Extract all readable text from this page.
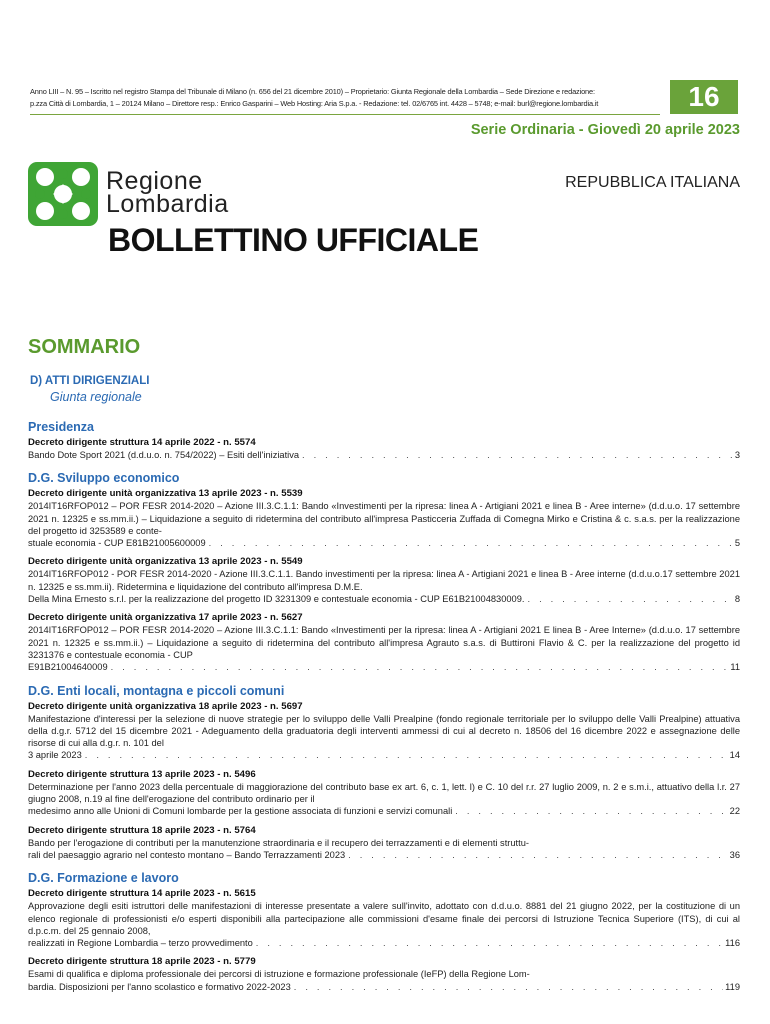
Anno LIII – N. 95 – Iscritto nel registro Stampa del Tribunale di Milano (n. 656 del 21 dicembre 2010) – Proprietario: Giunta Regionale della Lombardia – Sede Direzione e redazione:
p.zza Città di Lombardia, 1 – 20124 Milano – Direttore resp.: Enrico Gasparini – Web Hosting: Aria S.p.a. - Redazione: tel. 02/6765 int. 4428 – 5748; e-mail: burl@regione.lombardia.it	16
Serie Ordinaria - Giovedì 20 aprile 2023
Regione
Lombardia
REPUBBLICA ITALIANA
BOLLETTINO UFFICIALE
SOMMARIO
D) ATTI DIRIGENZIALI
Giunta regionale
Presidenza
Decreto dirigente struttura 14 aprile 2022 - n. 5574
Bando Dote Sport 2021 (d.d.u.o. n. 754/2022) – Esiti dell'iniziativa . . .	3
D.G. Sviluppo economico
Decreto dirigente unità organizzativa 13 aprile 2023 - n. 5539
2014IT16RFOP012 – POR FESR 2014-2020 – Azione III.3.C.1.1: Bando «Investimenti per la ripresa: linea A - Artigiani 2021 e linea B - Aree interne» (d.d.u.o. 17 settembre 2021 n. 12325 e ss.mm.ii.) – Liquidazione a seguito di ridetermina del contributo all'impresa Pasticceria Zuffada di Comegna Mirko e Cristina & c. s.a.s. per la realizzazione del progetto id 3253589 e conte-
stuale economia - CUP E81B21005600009 . . .	5
Decreto dirigente unità organizzativa 13 aprile 2023 - n. 5549
2014IT16RFOP012 - POR FESR 2014-2020 - Azione III.3.C.1.1. Bando investimenti per la ripresa: linea A - Artigiani 2021 e linea B - Aree interne (d.d.u.o.17 settembre 2021 n. 12325 e ss.mm.ii). Ridetermina e liquidazione del contributo all'impresa D.M.E.
Della Mina Ernesto s.r.l. per la realizzazione del progetto ID 3231309 e contestuale economia - CUP E61B21004830009. . . .	8
Decreto dirigente unità organizzativa 17 aprile 2023 - n. 5627
2014IT16RFOP012 – POR FESR 2014-2020 – Azione III.3.C.1.1: Bando «Investimenti per la ripresa: linea A - Artigiani 2021 E linea B - Aree Interne» (d.d.u.o. 17 settembre 2021 n. 12325 e ss.mm.ii.) – Liquidazione a seguito di ridetermina del contributo all'impresa Agrauto s.a.s. di Buttironi Flavio & C. per la realizzazione del progetto id 3231376 e contestuale economia - CUP
E91B21004640009 . . .	11
D.G. Enti locali, montagna e piccoli comuni
Decreto dirigente unità organizzativa 18 aprile 2023 - n. 5697
Manifestazione d'interessi per la selezione di nuove strategie per lo sviluppo delle Valli Prealpine (fondo regionale territoriale per lo sviluppo delle Valli Prealpine) attuativa della d.g.r. 5712 del 15 dicembre 2021 - Adeguamento della graduatoria degli interventi ammessi di cui al decreto n. 18506 del 16 dicembre 2022 e assegnazione delle risorse di cui alla d.g.r. n. 101 del
3 aprile 2023 . . .	14
Decreto dirigente struttura 13 aprile 2023 - n. 5496
Determinazione per l'anno 2023 della percentuale di maggiorazione del contributo base ex art. 6, c. 1, lett. l) e C. 10 del r.r. 27 luglio 2009, n. 2 e s.m.i., attuativo della l.r. 27 giugno 2008, n.19 al fine dell'erogazione del contributo ordinario per il
medesimo anno alle Unioni di Comuni lombarde per la gestione associata di funzioni e servizi comunali . . .	22
Decreto dirigente struttura 18 aprile 2023 - n. 5764
Bando per l'erogazione di contributi per la manutenzione straordinaria e il recupero dei terrazzamenti e di elementi struttu-
rali del paesaggio agrario nel contesto montano – Bando Terrazzamenti 2023 . . .	36
D.G. Formazione e lavoro
Decreto dirigente struttura 14 aprile 2023 - n. 5615
Approvazione degli esiti istruttori delle manifestazioni di interesse presentate a valere sull'invito, adottato con d.d.u.o. 8881 del 21 giugno 2022, per la costituzione di un elenco regionale di professionisti e/o esperti disponibili alla partecipazione alle commissioni d'esame finale dei percorsi di Istruzione Tecnica Superiore (ITS), di cui al d.p.c.m. del 25 gennaio 2008,
realizzati in Regione Lombardia – terzo provvedimento . . .	116
Decreto dirigente struttura 18 aprile 2023 - n. 5779
Esami di qualifica e diploma professionale dei percorsi di istruzione e formazione professionale (IeFP) della Regione Lom-
bardia. Disposizioni per l'anno scolastico e formativo 2022-2023 . . .	119
